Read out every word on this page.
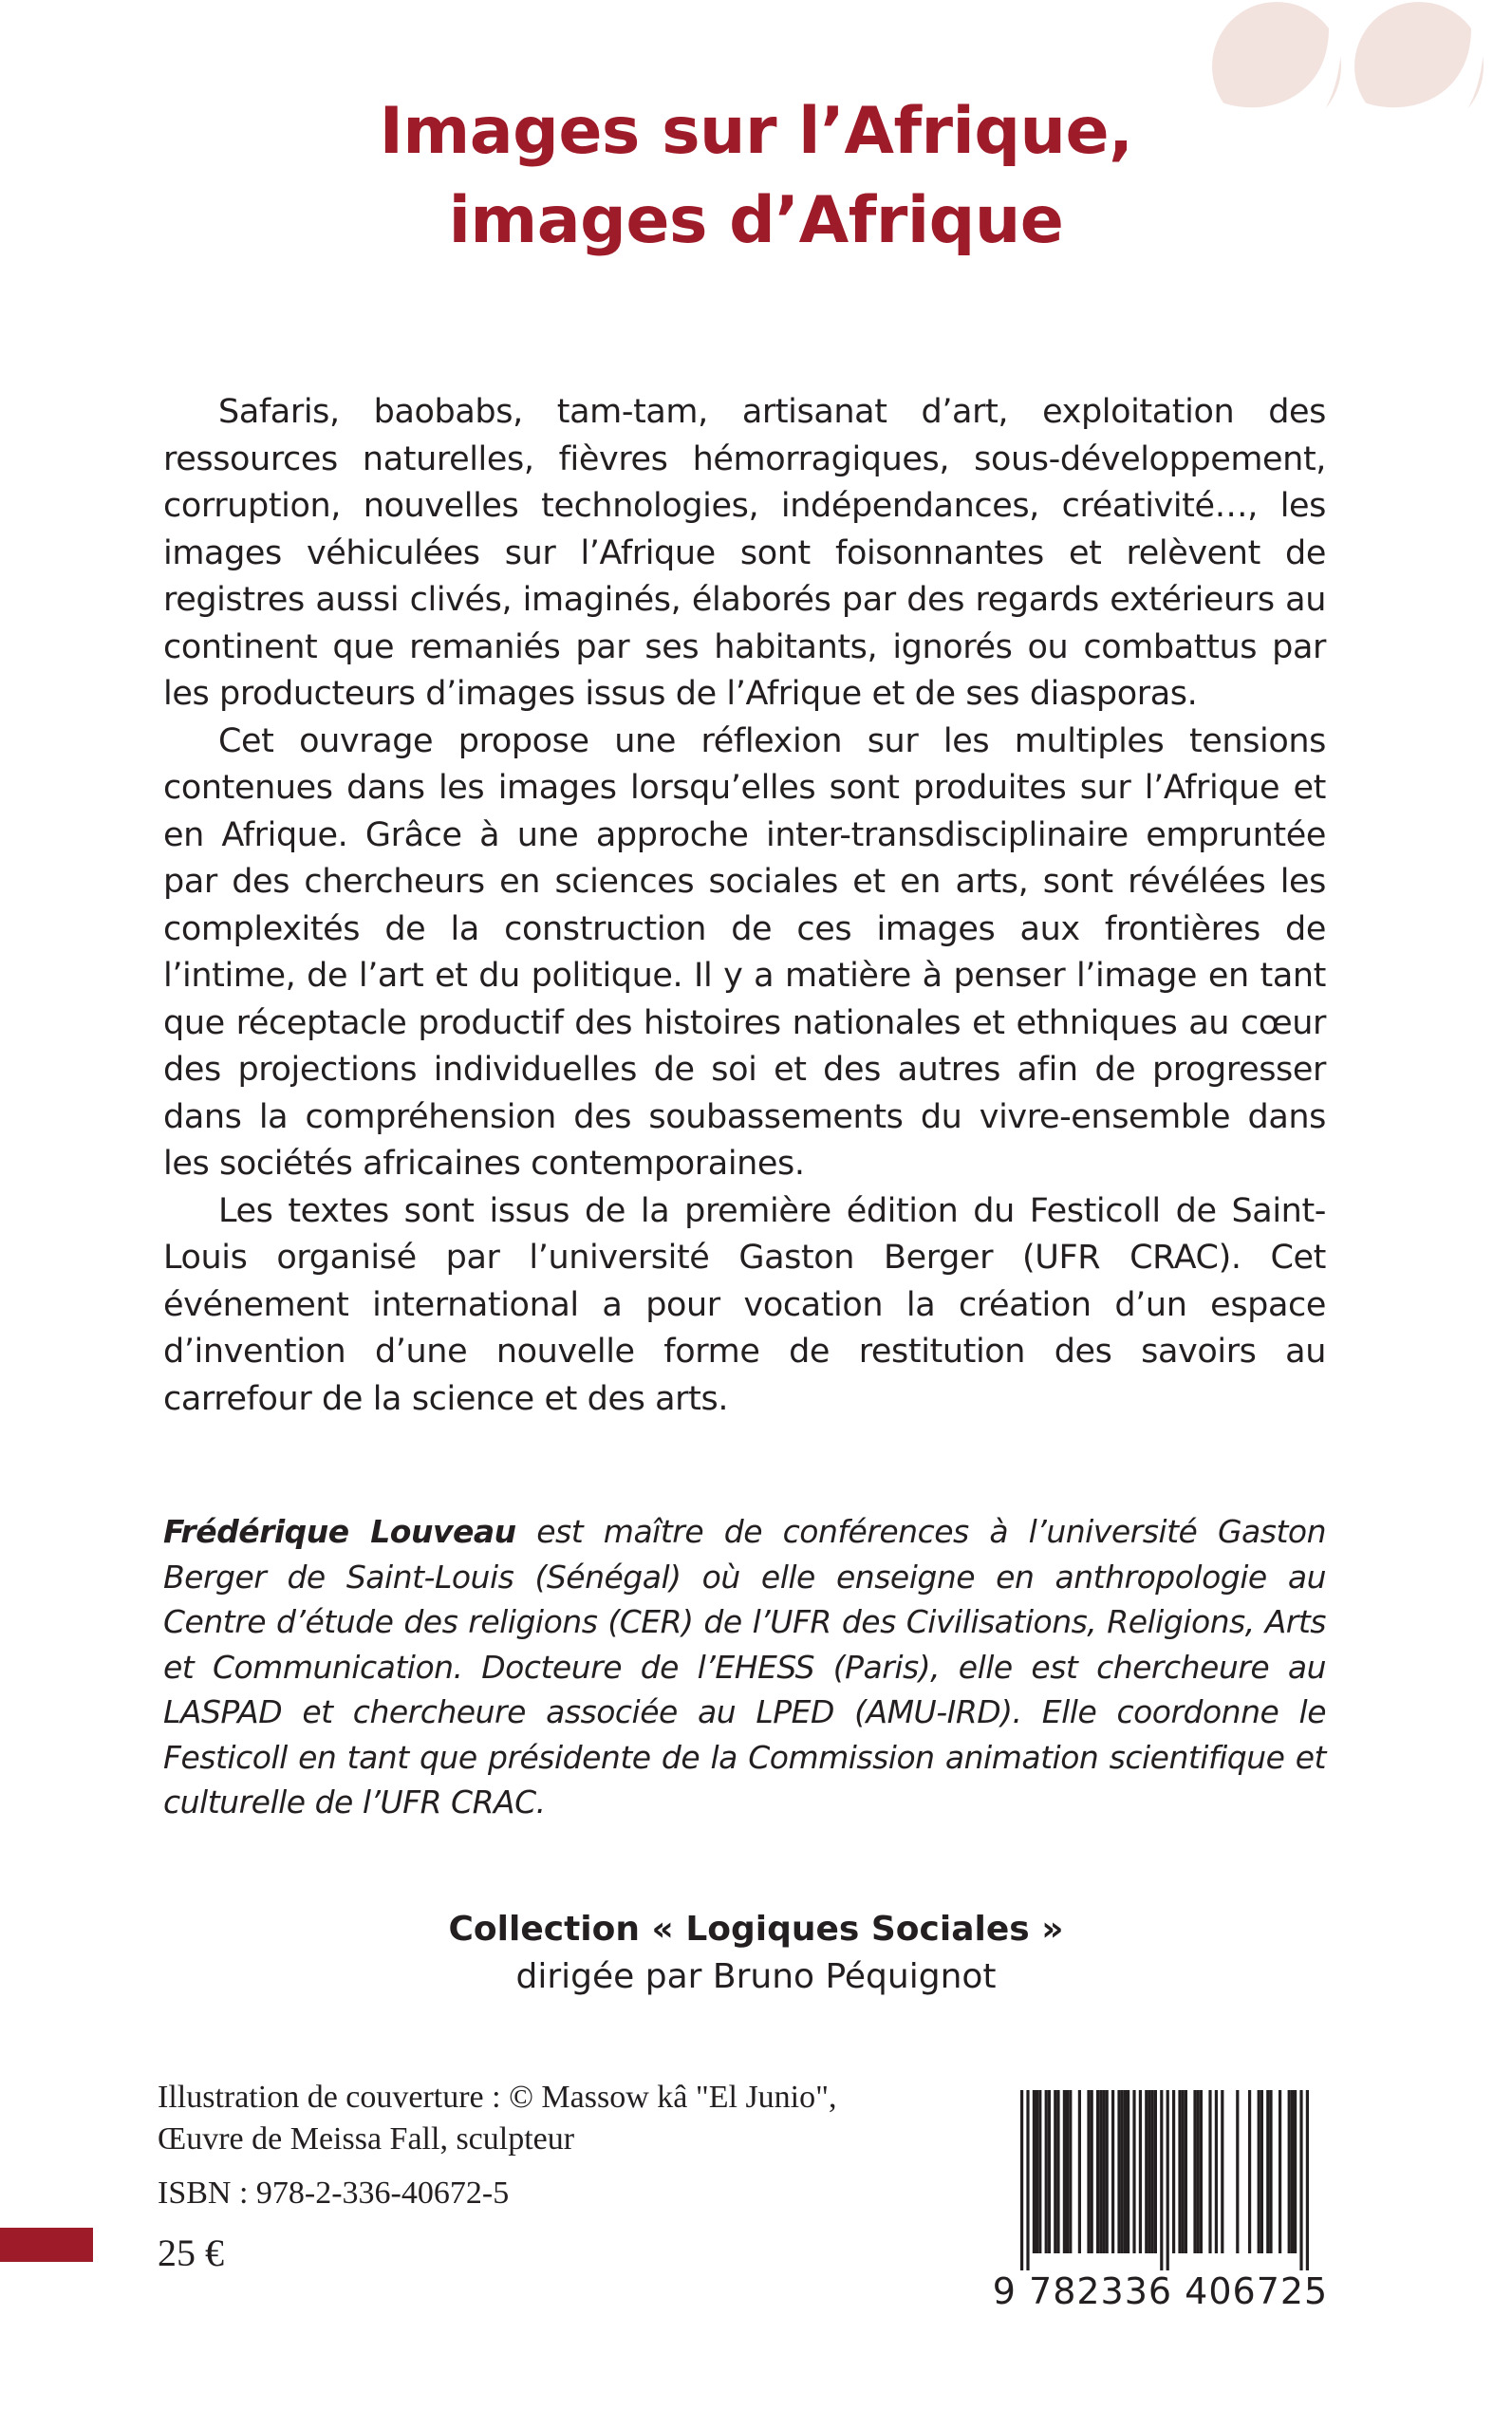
Images sur l’Afrique,
images d’Afrique

Safaris, baobabs, tam-tam, artisanat d’art, exploitation des ressources naturelles, fièvres hémorragiques, sous-développement, corruption, nouvelles technologies, indépendances, créativité…, les images véhiculées sur l’Afrique sont foisonnantes et relèvent de registres aussi clivés, imaginés, élaborés par des regards extérieurs au continent que remaniés par ses habitants, ignorés ou combattus par les producteurs d’images issus de l’Afrique et de ses diasporas.

Cet ouvrage propose une réflexion sur les multiples tensions contenues dans les images lorsqu’elles sont produites sur l’Afrique et en Afrique. Grâce à une approche inter-transdisciplinaire empruntée par des chercheurs en sciences sociales et en arts, sont révélées les complexités de la construction de ces images aux frontières de l’intime, de l’art et du politique. Il y a matière à penser l’image en tant que réceptacle productif des histoires nationales et ethniques au cœur des projections individuelles de soi et des autres afin de progresser dans la compréhension des soubassements du vivre-ensemble dans les sociétés africaines contemporaines.

Les textes sont issus de la première édition du Festicoll de Saint-Louis organisé par l’université Gaston Berger (UFR CRAC). Cet événement international a pour vocation la création d’un espace d’invention d’une nouvelle forme de restitution des savoirs au carrefour de la science et des arts.

Frédérique Louveau est maître de conférences à l’université Gaston Berger de Saint-Louis (Sénégal) où elle enseigne en anthropologie au Centre d’étude des religions (CER) de l’UFR des Civilisations, Religions, Arts et Communication. Docteure de l’EHESS (Paris), elle est chercheure au LASPAD et chercheure associée au LPED (AMU-IRD). Elle coordonne le Festicoll en tant que présidente de la Commission animation scientifique et culturelle de l’UFR CRAC.

Collection « Logiques Sociales »
dirigée par Bruno Péquignot
Illustration de couverture : © Massow kâ "El Junio",
Œuvre de Meissa Fall, sculpteur
ISBN : 978-2-336-40672-5
25 €
9 782336 406725
